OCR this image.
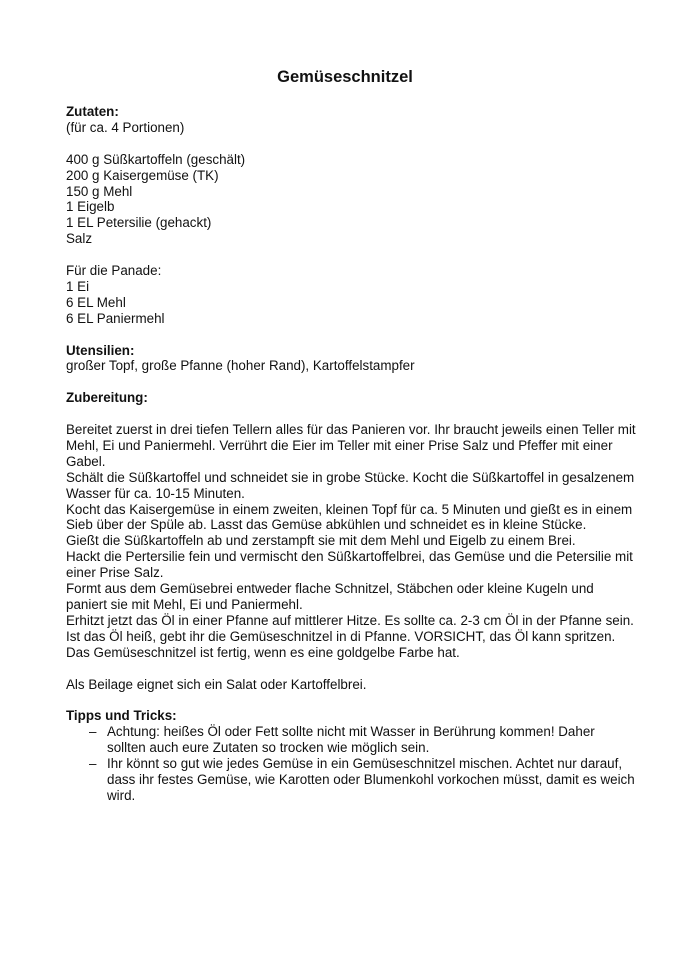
Gemüseschnitzel
Zutaten:
(für ca. 4 Portionen)
400 g Süßkartoffeln (geschält)
200 g Kaisergemüse (TK)
150 g Mehl
1 Eigelb
1 EL Petersilie (gehackt)
Salz
Für die Panade:
1 Ei
6 EL Mehl
6 EL Paniermehl
Utensilien:
großer Topf, große Pfanne (hoher Rand), Kartoffelstampfer
Zubereitung:
Bereitet zuerst in drei tiefen Tellern alles für das Panieren vor. Ihr braucht jeweils einen Teller mit Mehl, Ei und Paniermehl. Verrührt die Eier im Teller mit einer Prise Salz und Pfeffer mit einer Gabel.
Schält die Süßkartoffel und schneidet sie in grobe Stücke. Kocht die Süßkartoffel in gesalzenem Wasser für ca. 10-15 Minuten.
Kocht das Kaisergemüse in einem zweiten, kleinen Topf für ca. 5 Minuten und gießt es in einem Sieb über der Spüle ab. Lasst das Gemüse abkühlen und schneidet es in kleine Stücke.
Gießt die Süßkartoffeln ab und zerstampft sie mit dem Mehl und Eigelb zu einem Brei.
Hackt die Pertersilie fein und vermischt den Süßkartoffelbrei, das Gemüse und die Petersilie mit einer Prise Salz.
Formt aus dem Gemüsebrei entweder flache Schnitzel, Stäbchen oder kleine Kugeln und paniert sie mit Mehl, Ei und Paniermehl.
Erhitzt jetzt das Öl in einer Pfanne auf mittlerer Hitze. Es sollte ca. 2-3 cm Öl in der Pfanne sein.
Ist das Öl heiß, gebt ihr die Gemüseschnitzel in di Pfanne. VORSICHT, das Öl kann spritzen.
Das Gemüseschnitzel ist fertig, wenn es eine goldgelbe Farbe hat.
Als Beilage eignet sich ein Salat oder Kartoffelbrei.
Tipps und Tricks:
– Achtung: heißes Öl oder Fett sollte nicht mit Wasser in Berührung kommen! Daher sollten auch eure Zutaten so trocken wie möglich sein.
– Ihr könnt so gut wie jedes Gemüse in ein Gemüseschnitzel mischen. Achtet nur darauf, dass ihr festes Gemüse, wie Karotten oder Blumenkohl vorkochen müsst, damit es weich wird.
